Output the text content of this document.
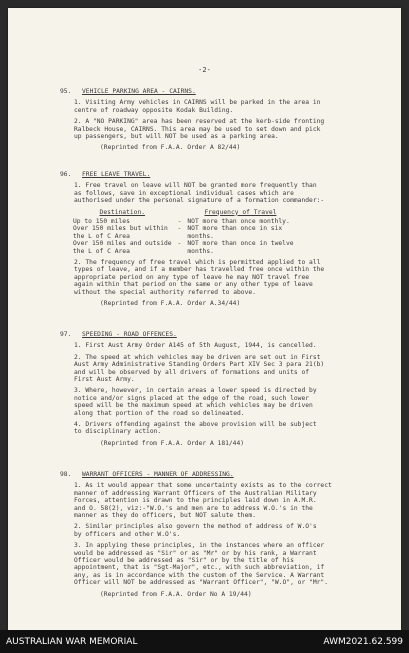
-2-
95.	VEHICLE PARKING AREA - CAIRNS.
1. Visiting Army vehicles in CAIRNS will be parked in the area in
centre of roadway opposite Kodak Building.
2. A "NO PARKING" area has been reserved at the kerb-side fronting
Ralbeck House, CAIRNS. This area may be used to set down and pick
up passengers, but will NOT be used as a parking area.
(Reprinted from F.A.A. Order A 82/44)
96.	FREE LEAVE TRAVEL.
1. Free travel on leave will NOT be granted more frequently than
as follows, save in exceptional individual cases which are
authorised under the personal signature of a formation commander:-
Destination.		Frequency of Travel
Up to 150 miles	-	NOT more than once monthly.
Over 150 miles but within
the L of C Area	-	NOT more than once in six
months.
Over 150 miles and outside
the L of C Area	-	NOT more than once in twelve
months.
2. The frequency of free travel which is permitted applied to all
types of leave, and if a member has travelled free once within the
appropriate period on any type of leave he may NOT travel free
again within that period on the same or any other type of leave
without the special authority referred to above.
(Reprinted from F.A.A. Order A.34/44)
97.	SPEEDING - ROAD OFFENCES.
1. First Aust Army Order A145 of 5th August, 1944, is cancelled.
2. The speed at which vehicles may be driven are set out in First
Aust Army Administrative Standing Orders Part XIV Sec 3 para 21(b)
and will be observed by all drivers of formations and units of
First Aust Army.
3. Where, however, in certain areas a lower speed is directed by
notice and/or signs placed at the edge of the road, such lower
speed will be the maximum speed at which vehicles may be driven
along that portion of the road so delineated.
4. Drivers offending against the above provision will be subject
to disciplinary action.
(Reprinted from F.A.A. Order A 181/44)
98.	WARRANT OFFICERS - MANNER OF ADDRESSING.
1. As it would appear that some uncertainty exists as to the correct
manner of addressing Warrant Officers of the Australian Military
Forces, attention is drawn to the principles laid down in A.M.R.
and O. 58(2), viz:-"W.O.'s and men are to address W.O.'s in the
manner as they do officers, but NOT salute them.
2. Similar principles also govern the method of address of W.O's
by officers and other W.O's.
3. In applying these principles, in the instances where an officer
would be addressed as "Sir" or as "Mr" or by his rank, a Warrant
Officer would be addressed as "Sir" or by the title of his
appointment, that is "Sgt-Major", etc., with such abbreviation, if
any, as is in accordance with the custom of the Service. A Warrant
Officer will NOT be addressed as "Warrant Officer", "W.O", or "Mr".
(Reprinted from F.A.A. Order No A 19/44)
AUSTRALIAN WAR MEMORIAL	AWM2021.62.599
